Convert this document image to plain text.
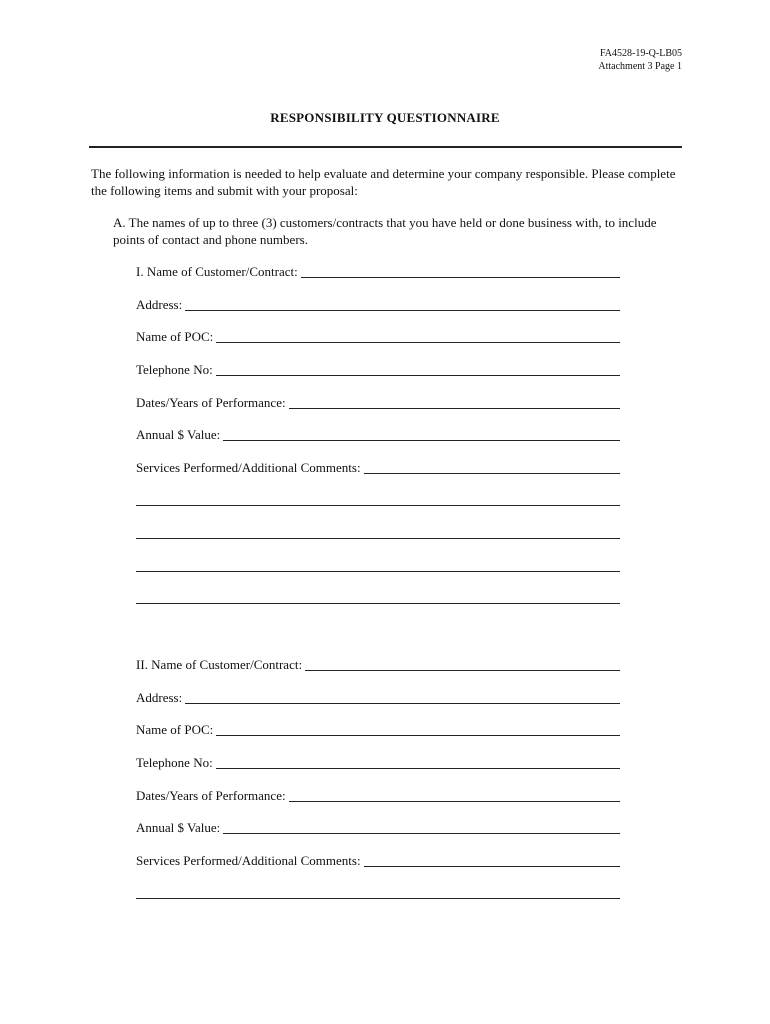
FA4528-19-Q-LB05
Attachment 3 Page 1
RESPONSIBILITY QUESTIONNAIRE

The following information is needed to help evaluate and determine your company responsible. Please complete the following items and submit with your proposal:

A. The names of up to three (3) customers/contracts that you have held or done business with, to include points of contact and phone numbers.

I. Name of Customer/Contract:
Address:
Name of POC:
Telephone No:
Dates/Years of Performance:
Annual $ Value:
Services Performed/Additional Comments:
II. Name of Customer/Contract:
Address:
Name of POC:
Telephone No:
Dates/Years of Performance:
Annual $ Value:
Services Performed/Additional Comments:
